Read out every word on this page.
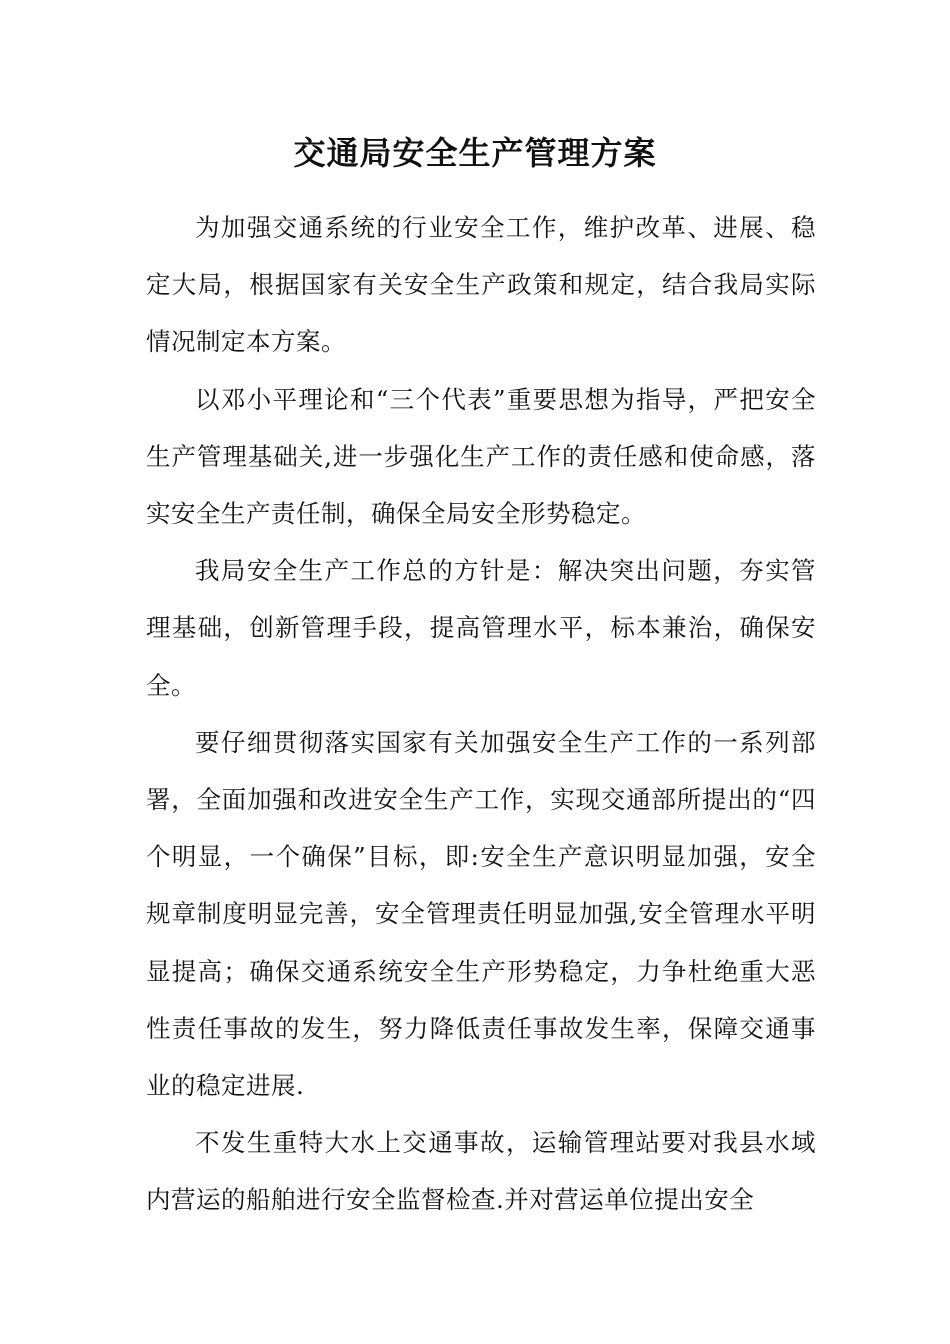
交通局安全生产管理方案

为加强交通系统的行业安全工作，维护改革、进展、稳定大局，根据国家有关安全生产政策和规定，结合我局实际情况制定本方案。

以邓小平理论和“三个代表”重要思想为指导，严把安全生产管理基础关,进一步强化生产工作的责任感和使命感，落实安全生产责任制，确保全局安全形势稳定。

我局安全生产工作总的方针是：解决突出问题，夯实管理基础，创新管理手段，提高管理水平，标本兼治，确保安全。

要仔细贯彻落实国家有关加强安全生产工作的一系列部署，全面加强和改进安全生产工作，实现交通部所提出的“四个明显，一个确保”目标，即:安全生产意识明显加强，安全规章制度明显完善，安全管理责任明显加强,安全管理水平明显提高；确保交通系统安全生产形势稳定，力争杜绝重大恶性责任事故的发生，努力降低责任事故发生率，保障交通事业的稳定进展.

不发生重特大水上交通事故，运输管理站要对我县水域内营运的船舶进行安全监督检查.并对营运单位提出安全
